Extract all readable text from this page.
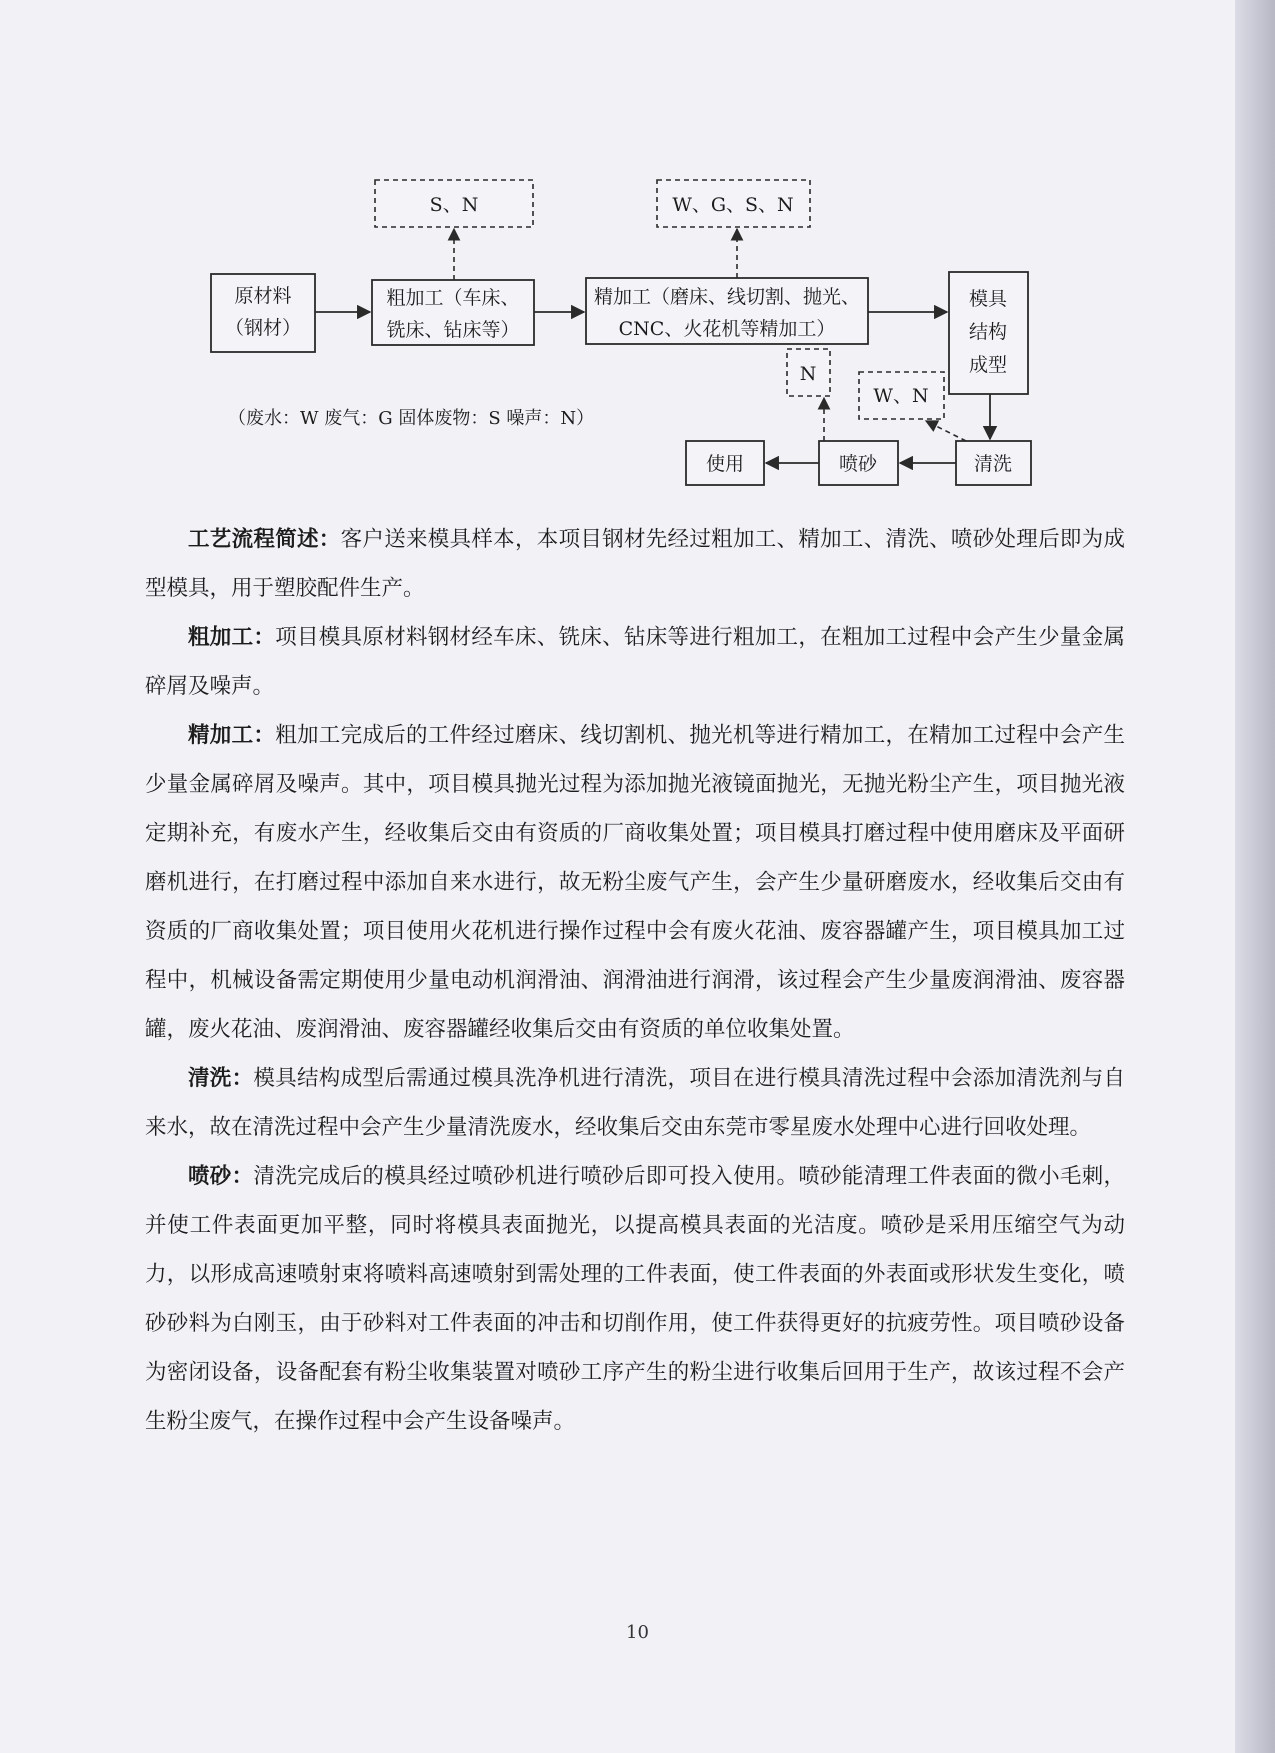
S、N	W、G、S、N
原材料
（钢材）
粗加工（车床、
铣床、钻床等）
精加工（磨床、线切割、抛光、
CNC、火花机等精加工）
模具
结构
成型
N
W、N
使用	喷砂	清洗
（废水：W 废气：G 固体废物：S 噪声：N）

工艺流程简述：客户送来模具样本，本项目钢材先经过粗加工、精加工、清洗、喷砂处理后即为成型模具，用于塑胶配件生产。

粗加工：项目模具原材料钢材经车床、铣床、钻床等进行粗加工，在粗加工过程中会产生少量金属碎屑及噪声。

精加工：粗加工完成后的工件经过磨床、线切割机、抛光机等进行精加工，在精加工过程中会产生少量金属碎屑及噪声。其中，项目模具抛光过程为添加抛光液镜面抛光，无抛光粉尘产生，项目抛光液定期补充，有废水产生，经收集后交由有资质的厂商收集处置；项目模具打磨过程中使用磨床及平面研磨机进行，在打磨过程中添加自来水进行，故无粉尘废气产生，会产生少量研磨废水，经收集后交由有资质的厂商收集处置；项目使用火花机进行操作过程中会有废火花油、废容器罐产生，项目模具加工过程中，机械设备需定期使用少量电动机润滑油、润滑油进行润滑，该过程会产生少量废润滑油、废容器罐，废火花油、废润滑油、废容器罐经收集后交由有资质的单位收集处置。

清洗：模具结构成型后需通过模具洗净机进行清洗，项目在进行模具清洗过程中会添加清洗剂与自来水，故在清洗过程中会产生少量清洗废水，经收集后交由东莞市零星废水处理中心进行回收处理。

喷砂：清洗完成后的模具经过喷砂机进行喷砂后即可投入使用。喷砂能清理工件表面的微小毛刺，并使工件表面更加平整，同时将模具表面抛光，以提高模具表面的光洁度。喷砂是采用压缩空气为动力，以形成高速喷射束将喷料高速喷射到需处理的工件表面，使工件表面的外表面或形状发生变化，喷砂砂料为白刚玉，由于砂料对工件表面的冲击和切削作用，使工件获得更好的抗疲劳性。项目喷砂设备为密闭设备，设备配套有粉尘收集装置对喷砂工序产生的粉尘进行收集后回用于生产，故该过程不会产生粉尘废气，在操作过程中会产生设备噪声。

10
